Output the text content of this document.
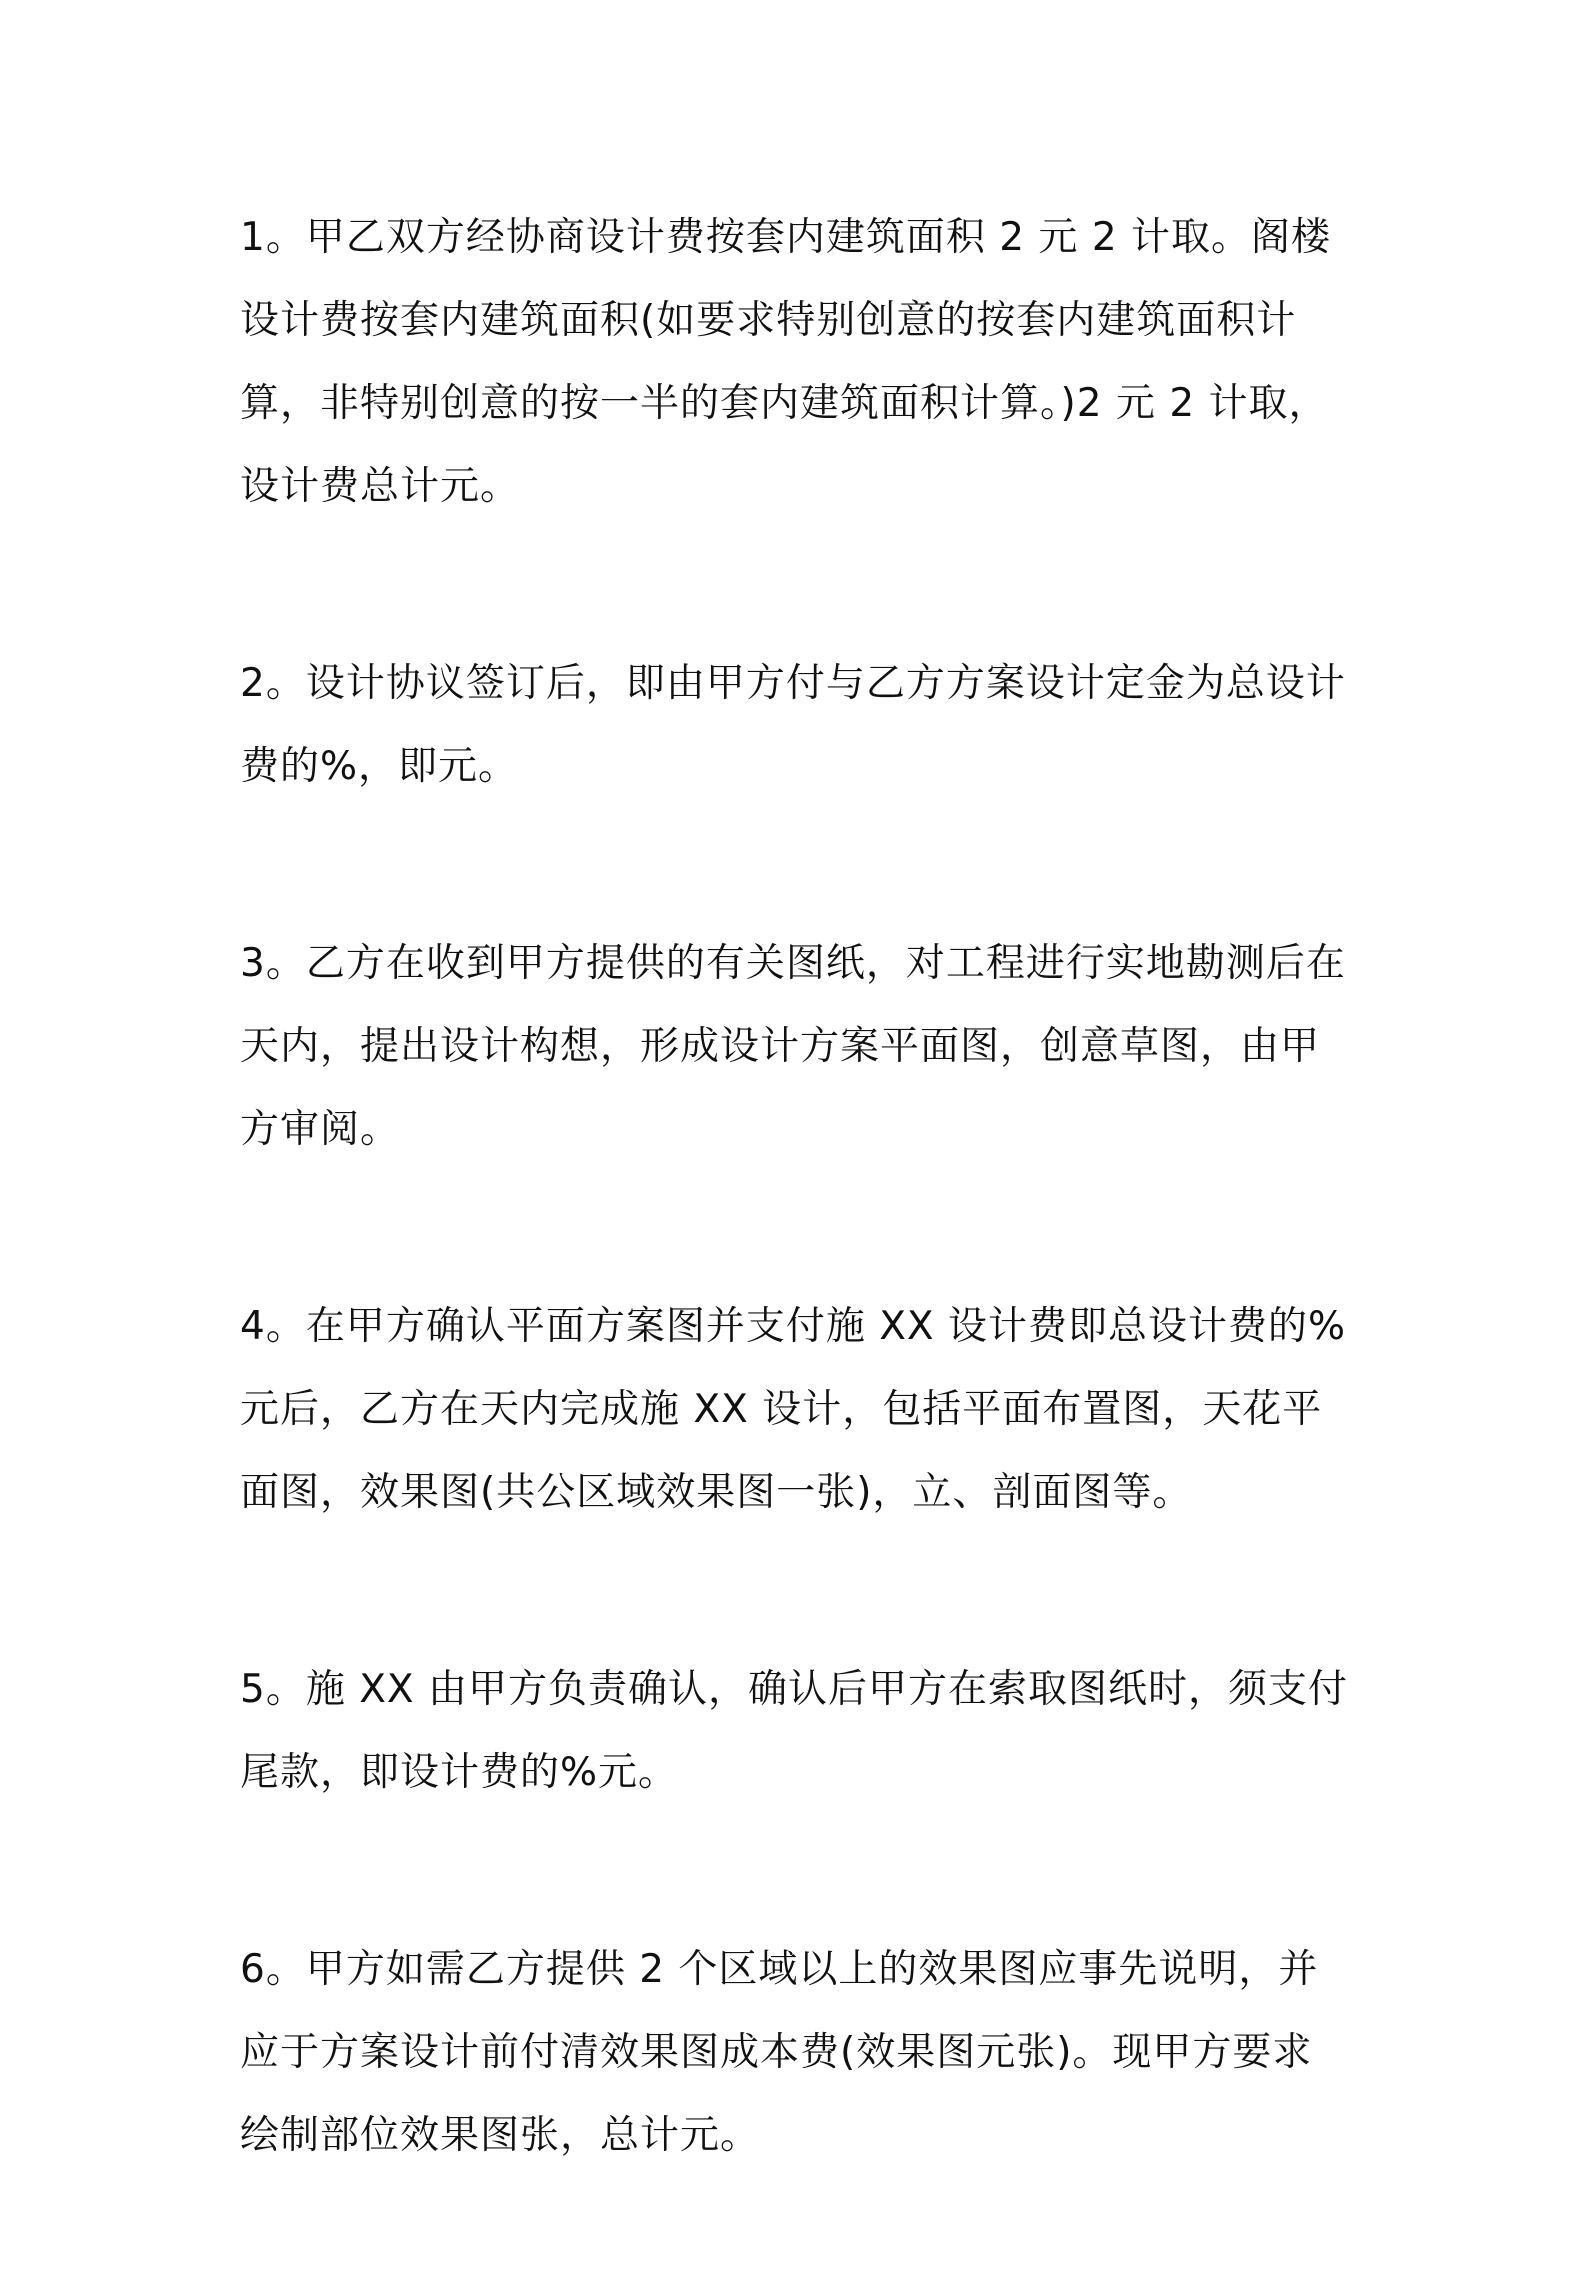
1。甲乙双方经协商设计费按套内建筑面积 2 元 2 计取。阁楼设计费按套内建筑面积(如要求特别创意的按套内建筑面积计算，非特别创意的按一半的套内建筑面积计算。)2 元 2 计取，设计费总计元。

2。设计协议签订后，即由甲方付与乙方方案设计定金为总设计费的%，即元。

3。乙方在收到甲方提供的有关图纸，对工程进行实地勘测后在天内，提出设计构想，形成设计方案平面图，创意草图，由甲方审阅。

4。在甲方确认平面方案图并支付施 XX 设计费即总设计费的%元后，乙方在天内完成施 XX 设计，包括平面布置图，天花平面图，效果图(共公区域效果图一张)，立、剖面图等。

5。施 XX 由甲方负责确认，确认后甲方在索取图纸时，须支付尾款，即设计费的%元。

6。甲方如需乙方提供 2 个区域以上的效果图应事先说明，并应于方案设计前付清效果图成本费(效果图元张)。现甲方要求绘制部位效果图张，总计元。
